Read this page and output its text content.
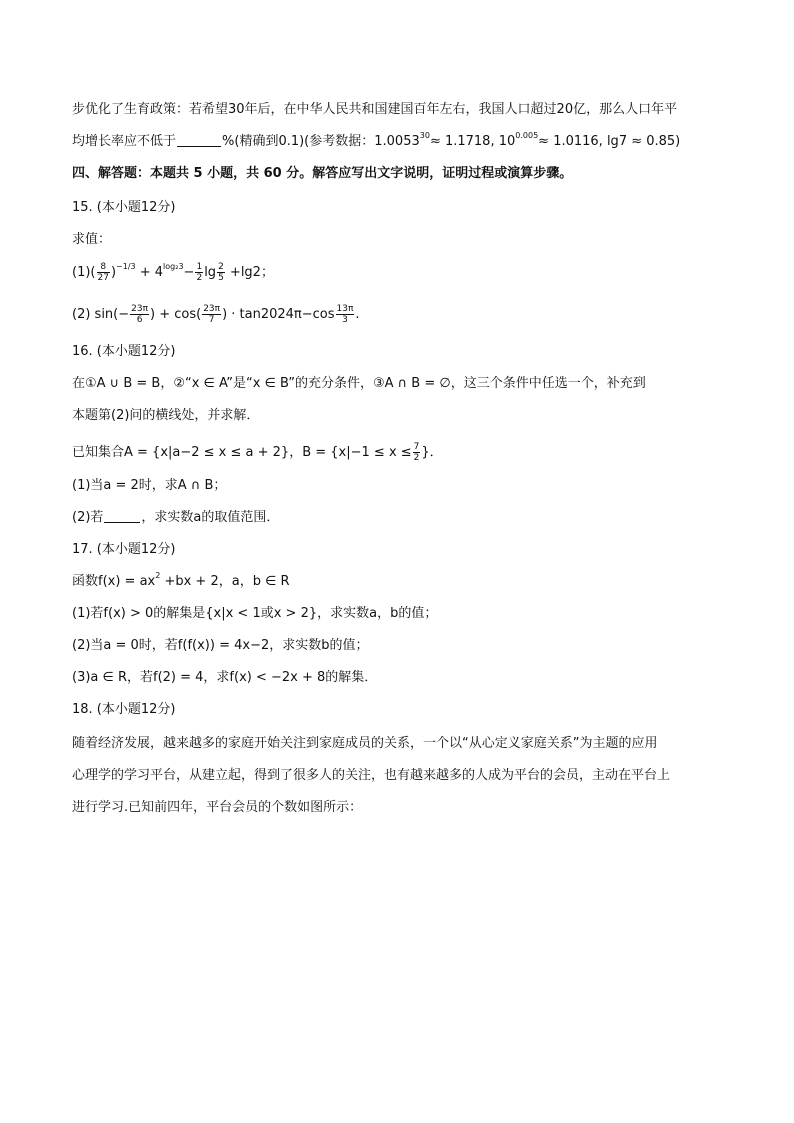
步优化了生育政策：若希望30年后，在中华人民共和国建国百年左右，我国人口超过20亿，那么人口年平
均增长率应不低于	%(精确到0.1)(参考数据：$1.0053^{30}\approx 1.1718$, $10^{0.005}\approx 1.0116$, lg7 ≈ 0.85)
四、解答题：本题共 5 小题，共 60 分。解答应写出文字说明，证明过程或演算步骤。
15. (本小题12分)
求值：
$(1)( \frac{8}{27} )^{-1/3} + 4^{log_23}- \frac{1}{2}$ $\lg \frac{2}{5} +\lg 2$；
(2) $\sin(- \frac{23\pi}{6}$ ) + $\cos( \frac{23\pi}{7}$ ) · $\tan 2024\pi-\cos \frac{13\pi}{3}$ .
16. (本小题12分)
在①A ∪ B = B，②“x ∈ A”是“x ∈ B”的充分条件，③A ∩ B = ∅，这三个条件中任选一个，补充到
本题第(2)问的横线处，并求解．
已知集合A = {x|a−2 ≤ x ≤ a + 2}，$B = \{x|-1 \le x \le \frac{7}{2}$ }．
(1)当a = 2时，求A ∩ B；
(2)若	，求实数a的取值范围．
17. (本小题12分)
函数$f(x) = ax^2 +bx + 2$，a，b ∈ R
(1)若f(x) > 0的解集是{x|x < 1或x > 2}，求实数a，b的值；
(2)当a = 0时，若f(f(x)) = 4x−2，求实数b的值；
(3)a ∈ R，若f(2) = 4，求f(x) < −2x + 8的解集．
18. (本小题12分)
随着经济发展，越来越多的家庭开始关注到家庭成员的关系，一个以“从心定义家庭关系”为主题的应用
心理学的学习平台，从建立起，得到了很多人的关注，也有越来越多的人成为平台的会员，主动在平台上
进行学习.已知前四年，平台会员的个数如图所示：
